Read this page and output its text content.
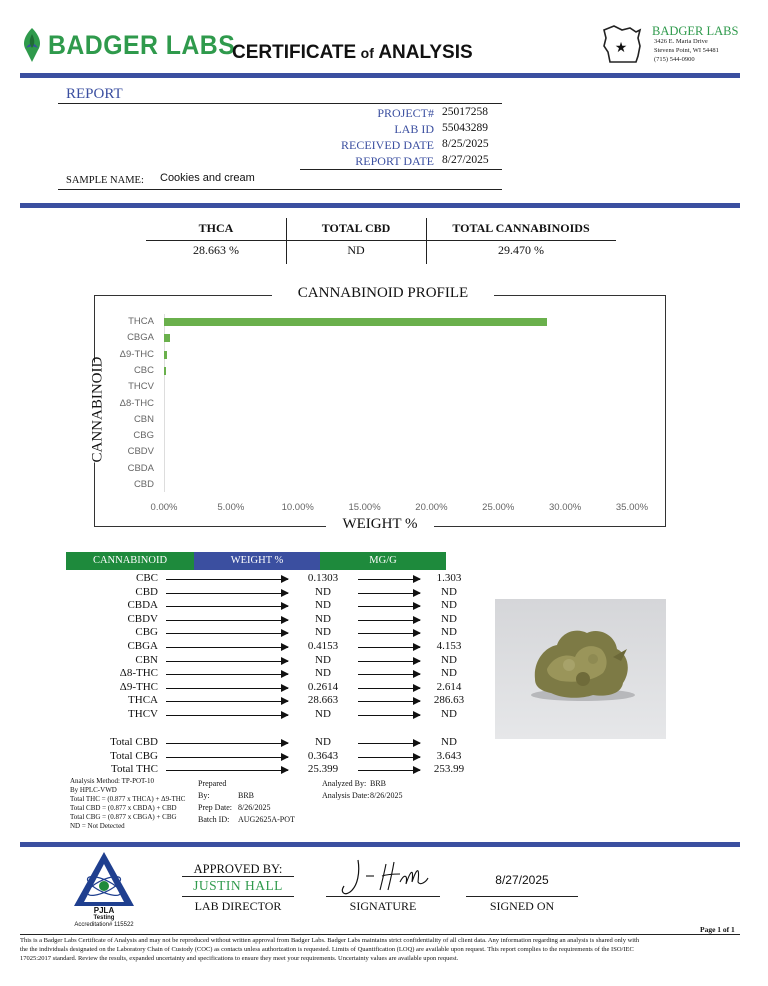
BADGER LABS
CERTIFICATE of ANALYSIS	★
BADGER LABS
3426 E. Maria Drive
Stevens Point, WI 54481
(715) 544-0900
REPORT
PROJECT# 25017258
LAB ID 55043289
RECEIVED DATE 8/25/2025
REPORT DATE 8/27/2025
SAMPLE NAME: Cookies and cream
THCA	TOTAL CBD	TOTAL CANNABINOIDS
28.663 %	ND	29.470 %
CANNABINOID PROFILE
CANNABINOID
WEIGHT %
THCA
CBGA
Δ9-THC
CBC
THCV
Δ8-THC
CBN
CBG
CBDV
CBDA
CBD
0.00%	5.00%	10.00%	15.00%	20.00%	25.00%	30.00%	35.00%
CANNABINOID	WEIGHT %	MG/G
CBC	0.1303	1.303
CBD	ND	ND
CBDA	ND	ND
CBDV	ND	ND
CBG	ND	ND
CBGA	0.4153	4.153
CBN	ND	ND
Δ8-THC	ND	ND
Δ9-THC	0.2614	2.614
THCA	28.663	286.63
THCV	ND	ND
Total CBD	ND	ND
Total CBG	0.3643	3.643
Total THC	25.399	253.99
Analysis Method: TP-POT-10
By HPLC-VWD
Total THC = (0.877 x THCA) + Δ9-THC
Total CBD = (0.877 x CBDA) + CBD
Total CBG = (0.877 x CBGA) + CBG
ND = Not Detected
Prepared By:	BRB
Prep Date: 8/26/2025
Batch ID: AUG2625A-POT
Analyzed By: BRB
Analysis Date:8/26/2025
PJLA
Testing
Accreditation# 115522
APPROVED BY:
JUSTIN HALL
LAB DIRECTOR	SIGNATURE
8/27/2025
SIGNED ON
Page 1 of 1
This is a Badger Labs Certificate of Analysis and may not be reproduced without written approval from Badger Labs. Badger Labs maintains strict confidentiality of all client data. Any information regarding an analysis is shared only with
the the individuals designated on the Laboratory Chain of Custody (COC) as contacts unless authorization is requested. Limits of Quantification (LOQ) are available upon request. This report complies to the requirements of the ISO/IEC
17025:2017 standard. Review the results, expanded uncertainty and specifications to ensure they meet your requirements. Uncertainty values are available upon request.
